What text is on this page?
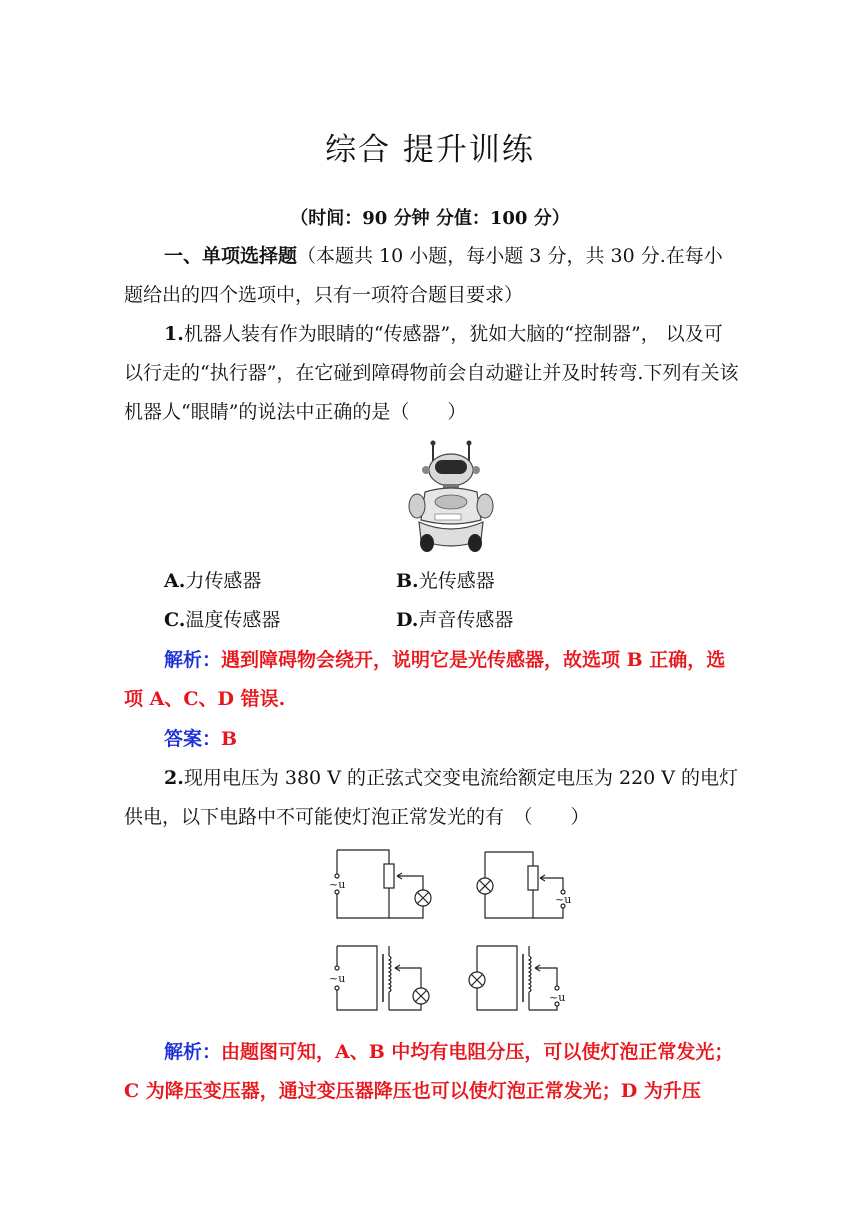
综合 提升训练
（时间：90 分钟 分值：100 分）
一、单项选择题（本题共 10 小题，每小题 3 分，共 30 分.在每小题给出的四个选项中，只有一项符合题目要求）
1.机器人装有作为眼睛的“传感器”，犹如大脑的“控制器”， 以及可以行走的“执行器”，在它碰到障碍物前会自动避让并及时转弯.下列有关该机器人“眼睛”的说法中正确的是（　　）
A.力传感器	B.光传感器
C.温度传感器	D.声音传感器
解析：遇到障碍物会绕开，说明它是光传感器，故选项 B 正确，选项 A、C、D 错误.
答案：B
2.现用电压为 380 V 的正弦式交变电流给额定电压为 220 V 的电灯供电，以下电路中不可能使灯泡正常发光的有　（　　）
~u
~u
~u
~u
解析：由题图可知，A、B 中均有电阻分压，可以使灯泡正常发光；C 为降压变压器，通过变压器降压也可以使灯泡正常发光；D 为升压
